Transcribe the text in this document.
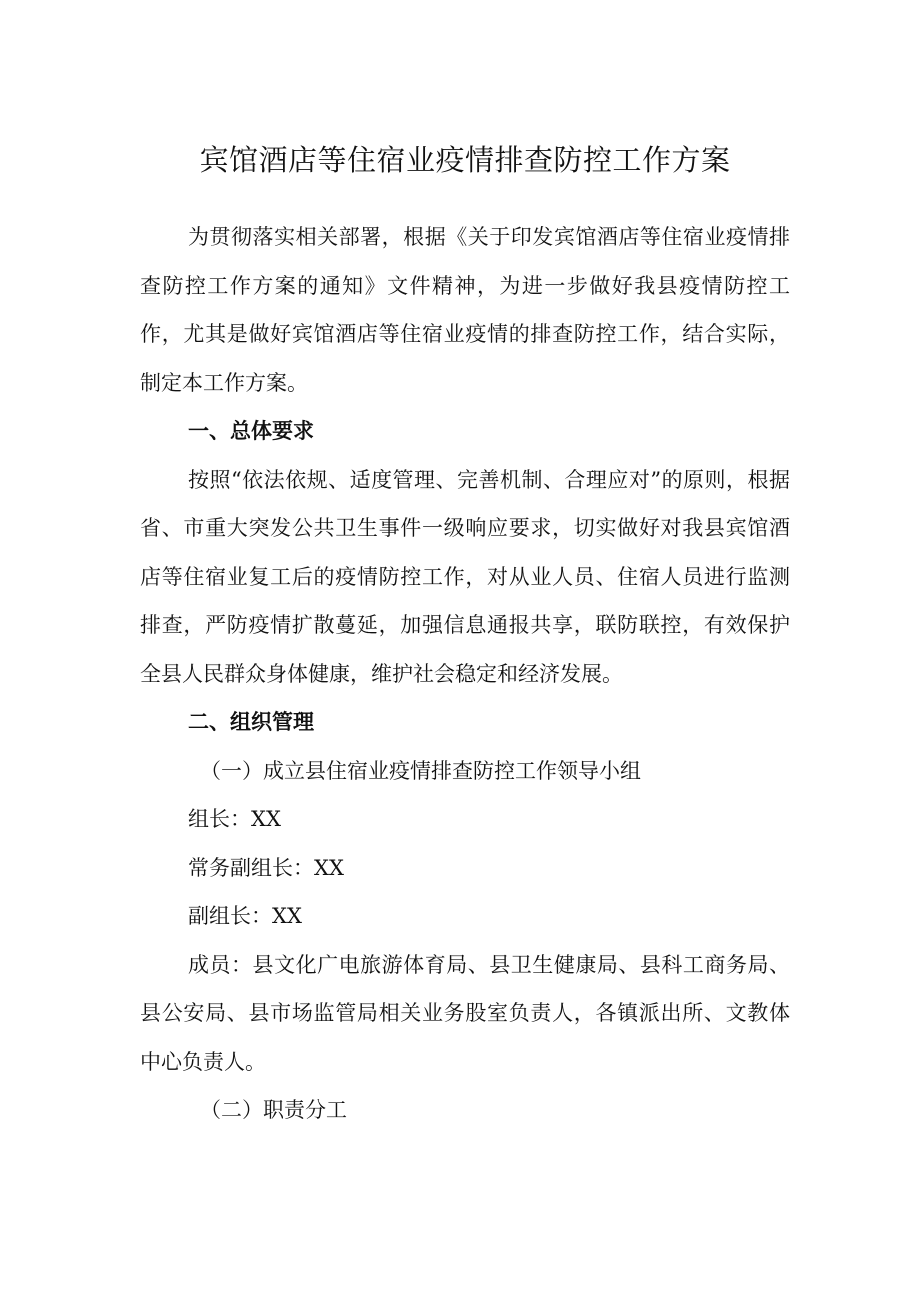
宾馆酒店等住宿业疫情排查防控工作方案

为贯彻落实相关部署，根据《关于印发宾馆酒店等住宿业疫情排查防控工作方案的通知》文件精神，为进一步做好我县疫情防控工作，尤其是做好宾馆酒店等住宿业疫情的排查防控工作，结合实际，制定本工作方案。

一、总体要求

按照“依法依规、适度管理、完善机制、合理应对”的原则，根据省、市重大突发公共卫生事件一级响应要求，切实做好对我县宾馆酒店等住宿业复工后的疫情防控工作，对从业人员、住宿人员进行监测排查，严防疫情扩散蔓延，加强信息通报共享，联防联控，有效保护全县人民群众身体健康，维护社会稳定和经济发展。

二、组织管理

（一）成立县住宿业疫情排查防控工作领导小组

组长：XX

常务副组长：XX

副组长：XX

成员：县文化广电旅游体育局、县卫生健康局、县科工商务局、县公安局、县市场监管局相关业务股室负责人，各镇派出所、文教体中心负责人。

（二）职责分工
